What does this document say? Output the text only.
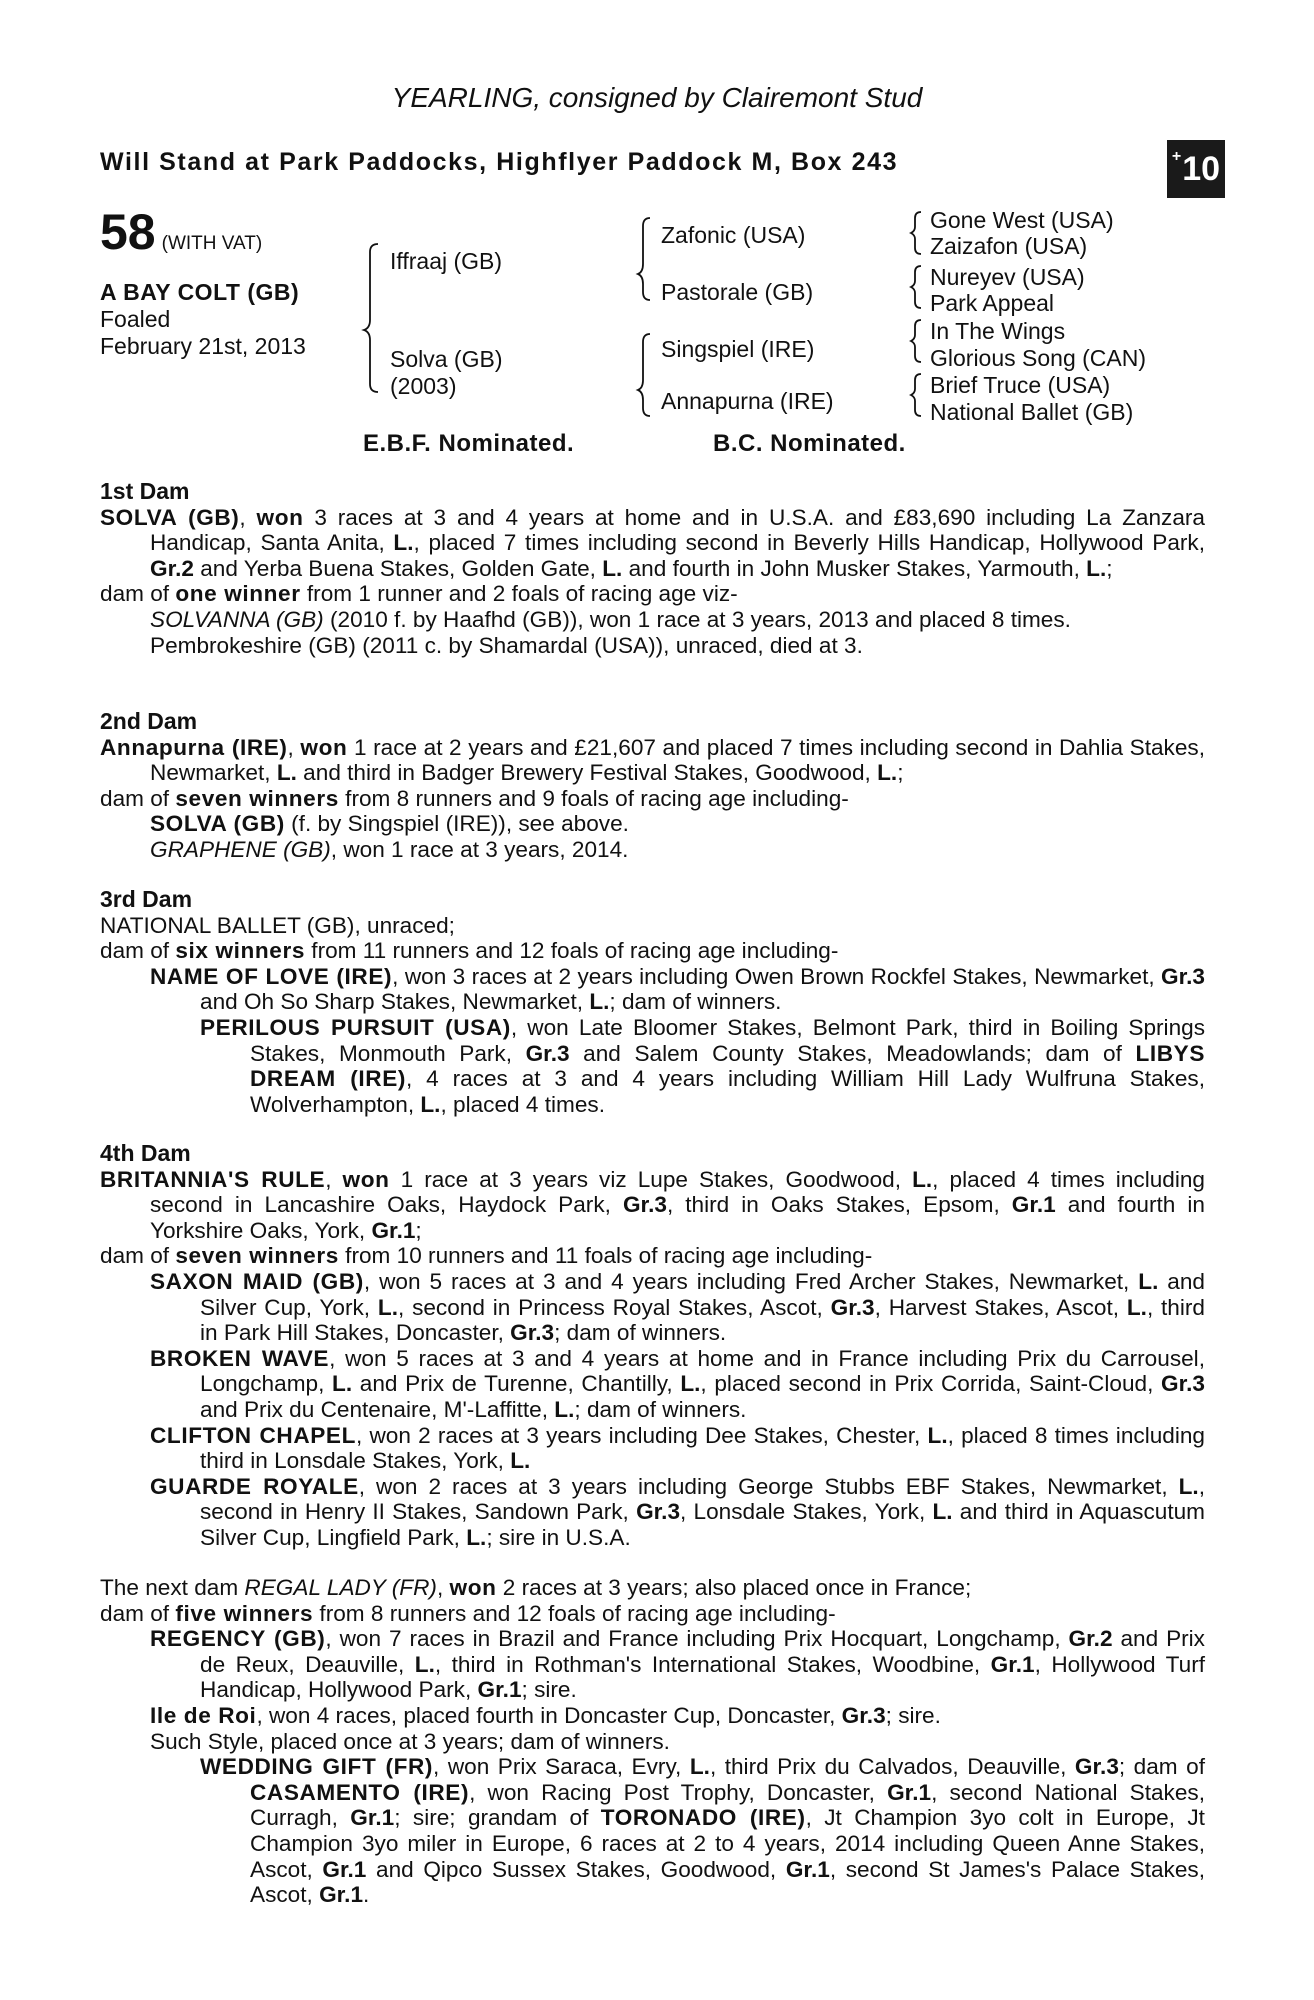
YEARLING, consigned by Clairemont Stud
Will Stand at Park Paddocks, Highflyer Paddock M, Box 243	+ 10
58 (WITH VAT)
A BAY COLT (GB)
Foaled
February 21st, 2013
Iffraaj (GB)
Solva (GB)
(2003)
Zafonic (USA)
Pastorale (GB)
Singspiel (IRE)
Annapurna (IRE)
Gone West (USA)
Zaizafon (USA)
Nureyev (USA)
Park Appeal
In The Wings
Glorious Song (CAN)
Brief Truce (USA)
National Ballet (GB)
E.B.F. Nominated.	B.C. Nominated.

1st Dam

SOLVA (GB), won 3 races at 3 and 4 years at home and in U.S.A. and £83,690 including La Zanzara Handicap, Santa Anita, L., placed 7 times including second in Beverly Hills Handicap, Hollywood Park, Gr.2 and Yerba Buena Stakes, Golden Gate, L. and fourth in John Musker Stakes, Yarmouth, L.;

dam of one winner from 1 runner and 2 foals of racing age viz-

SOLVANNA (GB) (2010 f. by Haafhd (GB)), won 1 race at 3 years, 2013 and placed 8 times.

Pembrokeshire (GB) (2011 c. by Shamardal (USA)), unraced, died at 3.

2nd Dam

Annapurna (IRE), won 1 race at 2 years and £21,607 and placed 7 times including second in Dahlia Stakes, Newmarket, L. and third in Badger Brewery Festival Stakes, Goodwood, L.;

dam of seven winners from 8 runners and 9 foals of racing age including-

SOLVA (GB) (f. by Singspiel (IRE)), see above.

GRAPHENE (GB), won 1 race at 3 years, 2014.

3rd Dam

NATIONAL BALLET (GB), unraced;

dam of six winners from 11 runners and 12 foals of racing age including-

NAME OF LOVE (IRE), won 3 races at 2 years including Owen Brown Rockfel Stakes, Newmarket, Gr.3 and Oh So Sharp Stakes, Newmarket, L.; dam of winners.

PERILOUS PURSUIT (USA), won Late Bloomer Stakes, Belmont Park, third in Boiling Springs Stakes, Monmouth Park, Gr.3 and Salem County Stakes, Meadowlands; dam of LIBYS DREAM (IRE), 4 races at 3 and 4 years including William Hill Lady Wulfruna Stakes, Wolverhampton, L., placed 4 times.

4th Dam

BRITANNIA'S RULE, won 1 race at 3 years viz Lupe Stakes, Goodwood, L., placed 4 times including second in Lancashire Oaks, Haydock Park, Gr.3, third in Oaks Stakes, Epsom, Gr.1 and fourth in Yorkshire Oaks, York, Gr.1;

dam of seven winners from 10 runners and 11 foals of racing age including-

SAXON MAID (GB), won 5 races at 3 and 4 years including Fred Archer Stakes, Newmarket, L. and Silver Cup, York, L., second in Princess Royal Stakes, Ascot, Gr.3, Harvest Stakes, Ascot, L., third in Park Hill Stakes, Doncaster, Gr.3; dam of winners.

BROKEN WAVE, won 5 races at 3 and 4 years at home and in France including Prix du Carrousel, Longchamp, L. and Prix de Turenne, Chantilly, L., placed second in Prix Corrida, Saint-Cloud, Gr.3 and Prix du Centenaire, M'-Laffitte, L.; dam of winners.

CLIFTON CHAPEL, won 2 races at 3 years including Dee Stakes, Chester, L., placed 8 times including third in Lonsdale Stakes, York, L.

GUARDE ROYALE, won 2 races at 3 years including George Stubbs EBF Stakes, Newmarket, L., second in Henry II Stakes, Sandown Park, Gr.3, Lonsdale Stakes, York, L. and third in Aquascutum Silver Cup, Lingfield Park, L.; sire in U.S.A.

The next dam REGAL LADY (FR), won 2 races at 3 years; also placed once in France;

dam of five winners from 8 runners and 12 foals of racing age including-

REGENCY (GB), won 7 races in Brazil and France including Prix Hocquart, Longchamp, Gr.2 and Prix de Reux, Deauville, L., third in Rothman's International Stakes, Woodbine, Gr.1, Hollywood Turf Handicap, Hollywood Park, Gr.1; sire.

Ile de Roi, won 4 races, placed fourth in Doncaster Cup, Doncaster, Gr.3; sire.

Such Style, placed once at 3 years; dam of winners.

WEDDING GIFT (FR), won Prix Saraca, Evry, L., third Prix du Calvados, Deauville, Gr.3; dam of CASAMENTO (IRE), won Racing Post Trophy, Doncaster, Gr.1, second National Stakes, Curragh, Gr.1; sire; grandam of TORONADO (IRE), Jt Champion 3yo colt in Europe, Jt Champion 3yo miler in Europe, 6 races at 2 to 4 years, 2014 including Queen Anne Stakes, Ascot, Gr.1 and Qipco Sussex Stakes, Goodwood, Gr.1, second St James's Palace Stakes, Ascot, Gr.1.
